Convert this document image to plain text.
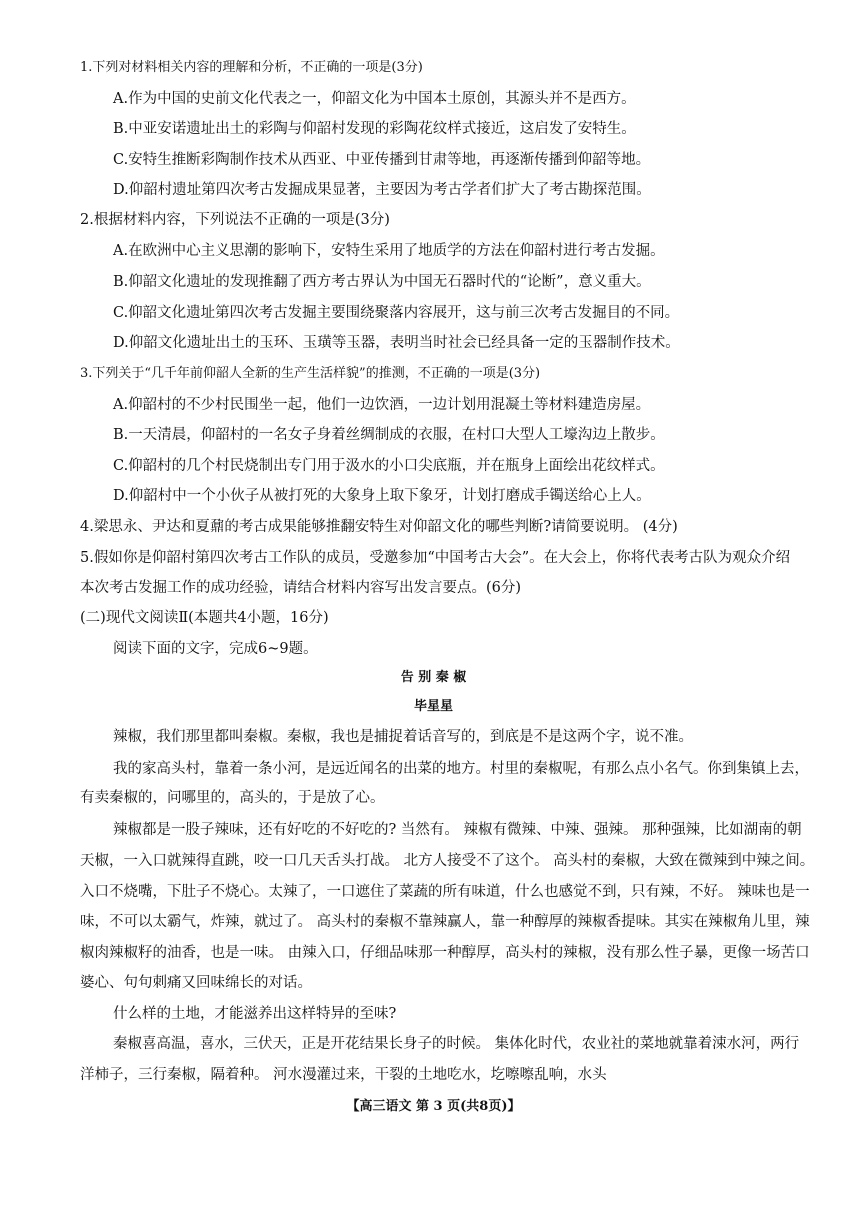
1.下列对材料相关内容的理解和分析，不正确的一项是(3分)
A.作为中国的史前文化代表之一，仰韶文化为中国本土原创，其源头并不是西方。
B.中亚安诺遗址出土的彩陶与仰韶村发现的彩陶花纹样式接近，这启发了安特生。
C.安特生推断彩陶制作技术从西亚、中亚传播到甘肃等地，再逐渐传播到仰韶等地。
D.仰韶村遗址第四次考古发掘成果显著，主要因为考古学者们扩大了考古勘探范围。
2.根据材料内容，下列说法不正确的一项是(3分)
A.在欧洲中心主义思潮的影响下，安特生采用了地质学的方法在仰韶村进行考古发掘。
B.仰韶文化遗址的发现推翻了西方考古界认为中国无石器时代的“论断”，意义重大。
C.仰韶文化遗址第四次考古发掘主要围绕聚落内容展开，这与前三次考古发掘目的不同。
D.仰韶文化遗址出土的玉环、玉璜等玉器，表明当时社会已经具备一定的玉器制作技术。
3.下列关于“几千年前仰韶人全新的生产生活样貌”的推测，不正确的一项是(3分)
A.仰韶村的不少村民围坐一起，他们一边饮酒，一边计划用混凝土等材料建造房屋。
B.一天清晨，仰韶村的一名女子身着丝绸制成的衣服，在村口大型人工壕沟边上散步。
C.仰韶村的几个村民烧制出专门用于汲水的小口尖底瓶，并在瓶身上面绘出花纹样式。
D.仰韶村中一个小伙子从被打死的大象身上取下象牙，计划打磨成手镯送给心上人。
4.梁思永、尹达和夏鼐的考古成果能够推翻安特生对仰韶文化的哪些判断?请简要说明。 (4分)
5.假如你是仰韶村第四次考古工作队的成员，受邀参加“中国考古大会”。在大会上，你将代表考古队为观众介绍
本次考古发掘工作的成功经验，请结合材料内容写出发言要点。(6分)
(二)现代文阅读Ⅱ(本题共4小题，16分)
阅读下面的文字，完成6~9题。
告 别 秦 椒
毕星星
辣椒，我们那里都叫秦椒。秦椒，我也是捕捉着话音写的，到底是不是这两个字，说不准。
我的家高头村，靠着一条小河，是远近闻名的出菜的地方。村里的秦椒呢，有那么点小名气。你到集镇上去，
有卖秦椒的，问哪里的，高头的，于是放了心。
辣椒都是一股子辣味，还有好吃的不好吃的? 当然有。 辣椒有微辣、中辣、强辣。 那种强辣，比如湖南的朝
天椒，一入口就辣得直跳，咬一口几天舌头打战。 北方人接受不了这个。 高头村的秦椒，大致在微辣到中辣之间。
入口不烧嘴，下肚子不烧心。太辣了，一口遮住了菜蔬的所有味道，什么也感觉不到，只有辣，不好。 辣味也是一
味，不可以太霸气，炸辣，就过了。 高头村的秦椒不靠辣赢人，靠一种醇厚的辣椒香提味。其实在辣椒角儿里，辣
椒肉辣椒籽的油香，也是一味。 由辣入口，仔细品味那一种醇厚，高头村的辣椒，没有那么性子暴，更像一场苦口
婆心、句句刺痛又回味绵长的对话。
什么样的土地，才能滋养出这样特异的至味?
秦椒喜高温，喜水，三伏天，正是开花结果长身子的时候。 集体化时代，农业社的菜地就靠着涑水河，两行
洋柿子，三行秦椒，隔着种。 河水漫灌过来，干裂的土地吃水，圪嚓嚓乱响，水头
【高三语文 第 3 页(共8页)】
